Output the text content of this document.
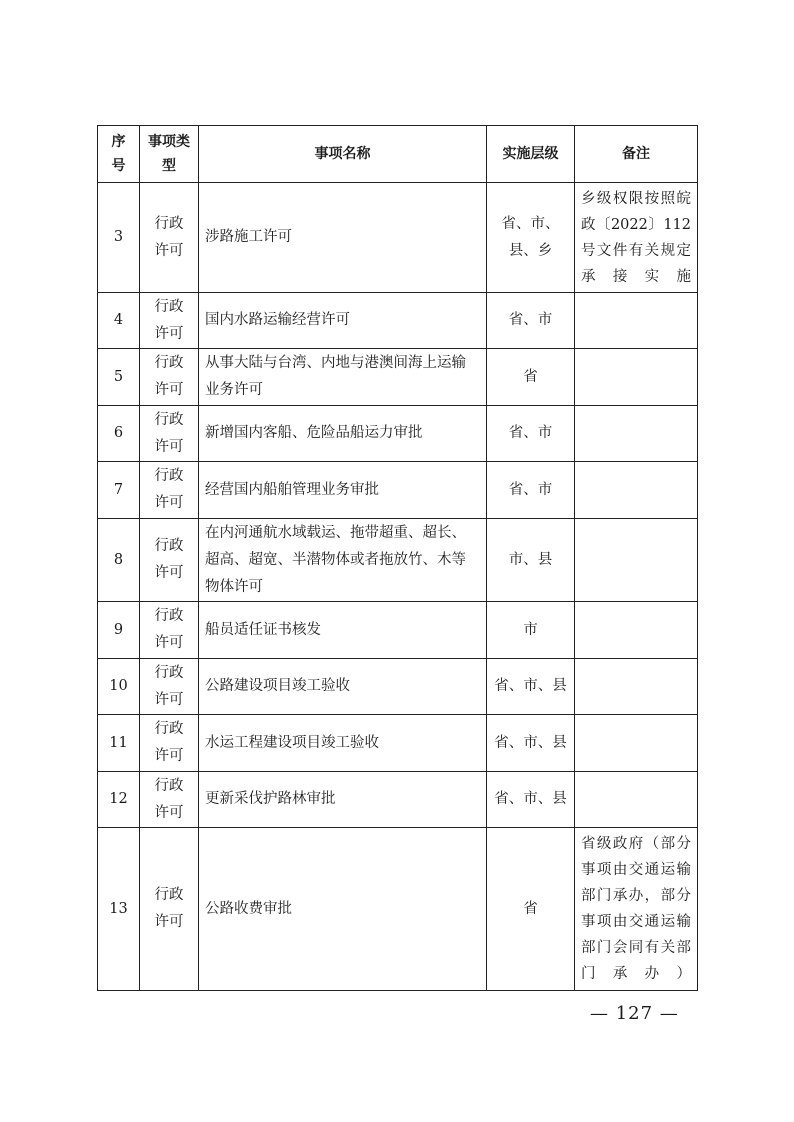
序号	事项类型	事项名称	实施层级	备注
3	行政许可	涉路施工许可	省、市、县、乡	乡级权限按照皖政〔2022〕112号文件有关规定承接实施
4	行政许可	国内水路运输经营许可	省、市	
5	行政许可	从事大陆与台湾、内地与港澳间海上运输业务许可	省	
6	行政许可	新增国内客船、危险品船运力审批	省、市	
7	行政许可	经营国内船舶管理业务审批	省、市	
8	行政许可	在内河通航水域载运、拖带超重、超长、超高、超宽、半潜物体或者拖放竹、木等物体许可	市、县	
9	行政许可	船员适任证书核发	市	
10	行政许可	公路建设项目竣工验收	省、市、县	
11	行政许可	水运工程建设项目竣工验收	省、市、县	
12	行政许可	更新采伐护路林审批	省、市、县	
13	行政许可	公路收费审批	省	省级政府（部分事项由交通运输部门承办，部分事项由交通运输部门会同有关部门承办）
— 127 —
